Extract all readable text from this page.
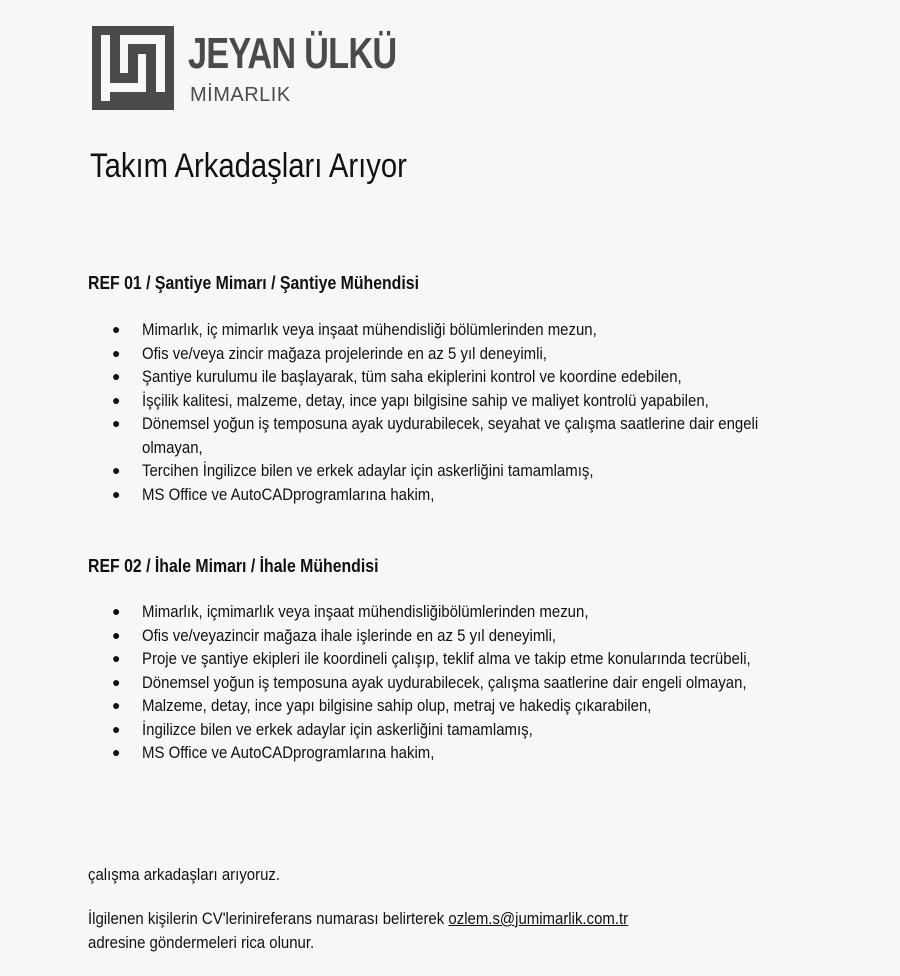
JEYAN ÜLKÜ
MİMARLIK
Takım Arkadaşları Arıyor
REF 01 / Şantiye Mimarı / Şantiye Mühendisi
● Mimarlık, iç mimarlık veya inşaat mühendisliği bölümlerinden mezun,
● Ofis ve/veya zincir mağaza projelerinde en az 5 yıl deneyimli,
● Şantiye kurulumu ile başlayarak, tüm saha ekiplerini kontrol ve koordine edebilen,
● İşçilik kalitesi, malzeme, detay, ince yapı bilgisine sahip ve maliyet kontrolü yapabilen,
● Dönemsel yoğun iş temposuna ayak uydurabilecek, seyahat ve çalışma saatlerine dair engeli olmayan,
● Tercihen İngilizce bilen ve erkek adaylar için askerliğini tamamlamış,
● MS Office ve AutoCADprogramlarına hakim,
REF 02 / İhale Mimarı / İhale Mühendisi
● Mimarlık, içmimarlık veya inşaat mühendisliğibölümlerinden mezun,
● Ofis ve/veyazincir mağaza ihale işlerinde en az 5 yıl deneyimli,
● Proje ve şantiye ekipleri ile koordineli çalışıp, teklif alma ve takip etme konularında tecrübeli,
● Dönemsel yoğun iş temposuna ayak uydurabilecek, çalışma saatlerine dair engeli olmayan,
● Malzeme, detay, ince yapı bilgisine sahip olup, metraj ve hakediş çıkarabilen,
● İngilizce bilen ve erkek adaylar için askerliğini tamamlamış,
● MS Office ve AutoCADprogramlarına hakim,

çalışma arkadaşları arıyoruz.

İlgilenen kişilerin CV'lerinireferans numarası belirterek ozlem.s@jumimarlik.com.tr
adresine göndermeleri rica olunur.
